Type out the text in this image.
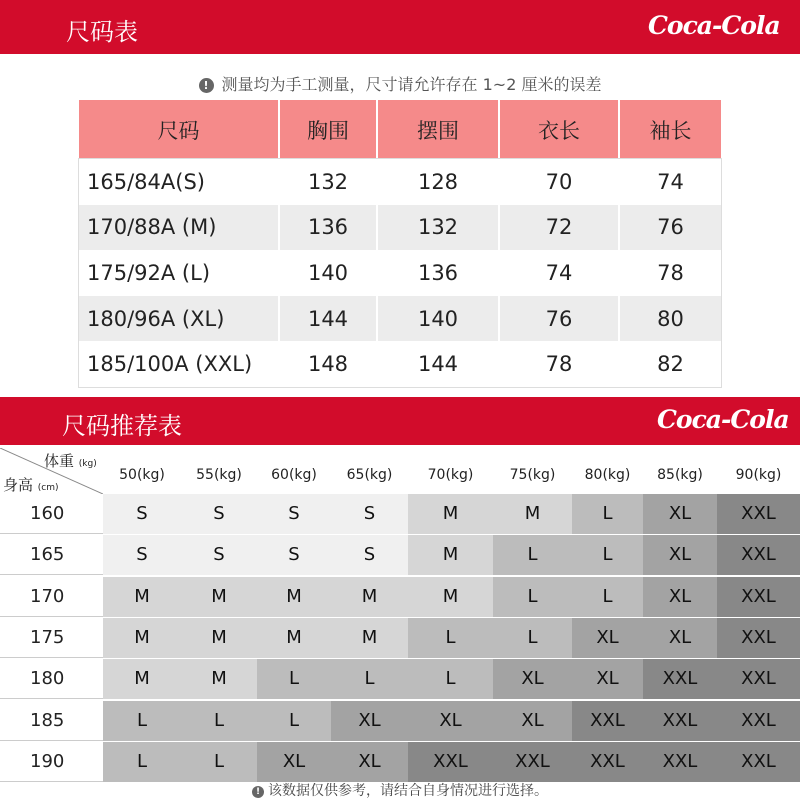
尺码表	Coca-Cola
! 测量均为手工测量，尺寸请允许存在 1~2 厘米的误差
尺码	胸围	摆围	衣长	袖长
165/84A(S)	132	128	70	74
170/88A (M)	136	132	72	76
175/92A (L)	140	136	74	78
180/96A (XL)	144	140	76	80
185/100A (XXL)	148	144	78	82
尺码推荐表	Coca-Cola
体重 (kg)
身高 (cm)
50(kg)	55(kg)	60(kg)	65(kg)	70(kg)	75(kg)	80(kg)	85(kg)	90(kg)
160	S	S	S	S	M	M	L	XL	XXL
165	S	S	S	S	M	L	L	XL	XXL
170	M	M	M	M	M	L	L	XL	XXL
175	M	M	M	M	L	L	XL	XL	XXL
180	M	M	L	L	L	XL	XL	XXL	XXL
185	L	L	L	XL	XL	XL	XXL	XXL	XXL
190	L	L	XL	XL	XXL	XXL	XXL	XXL	XXL
! 该数据仅供参考，请结合自身情况进行选择。
